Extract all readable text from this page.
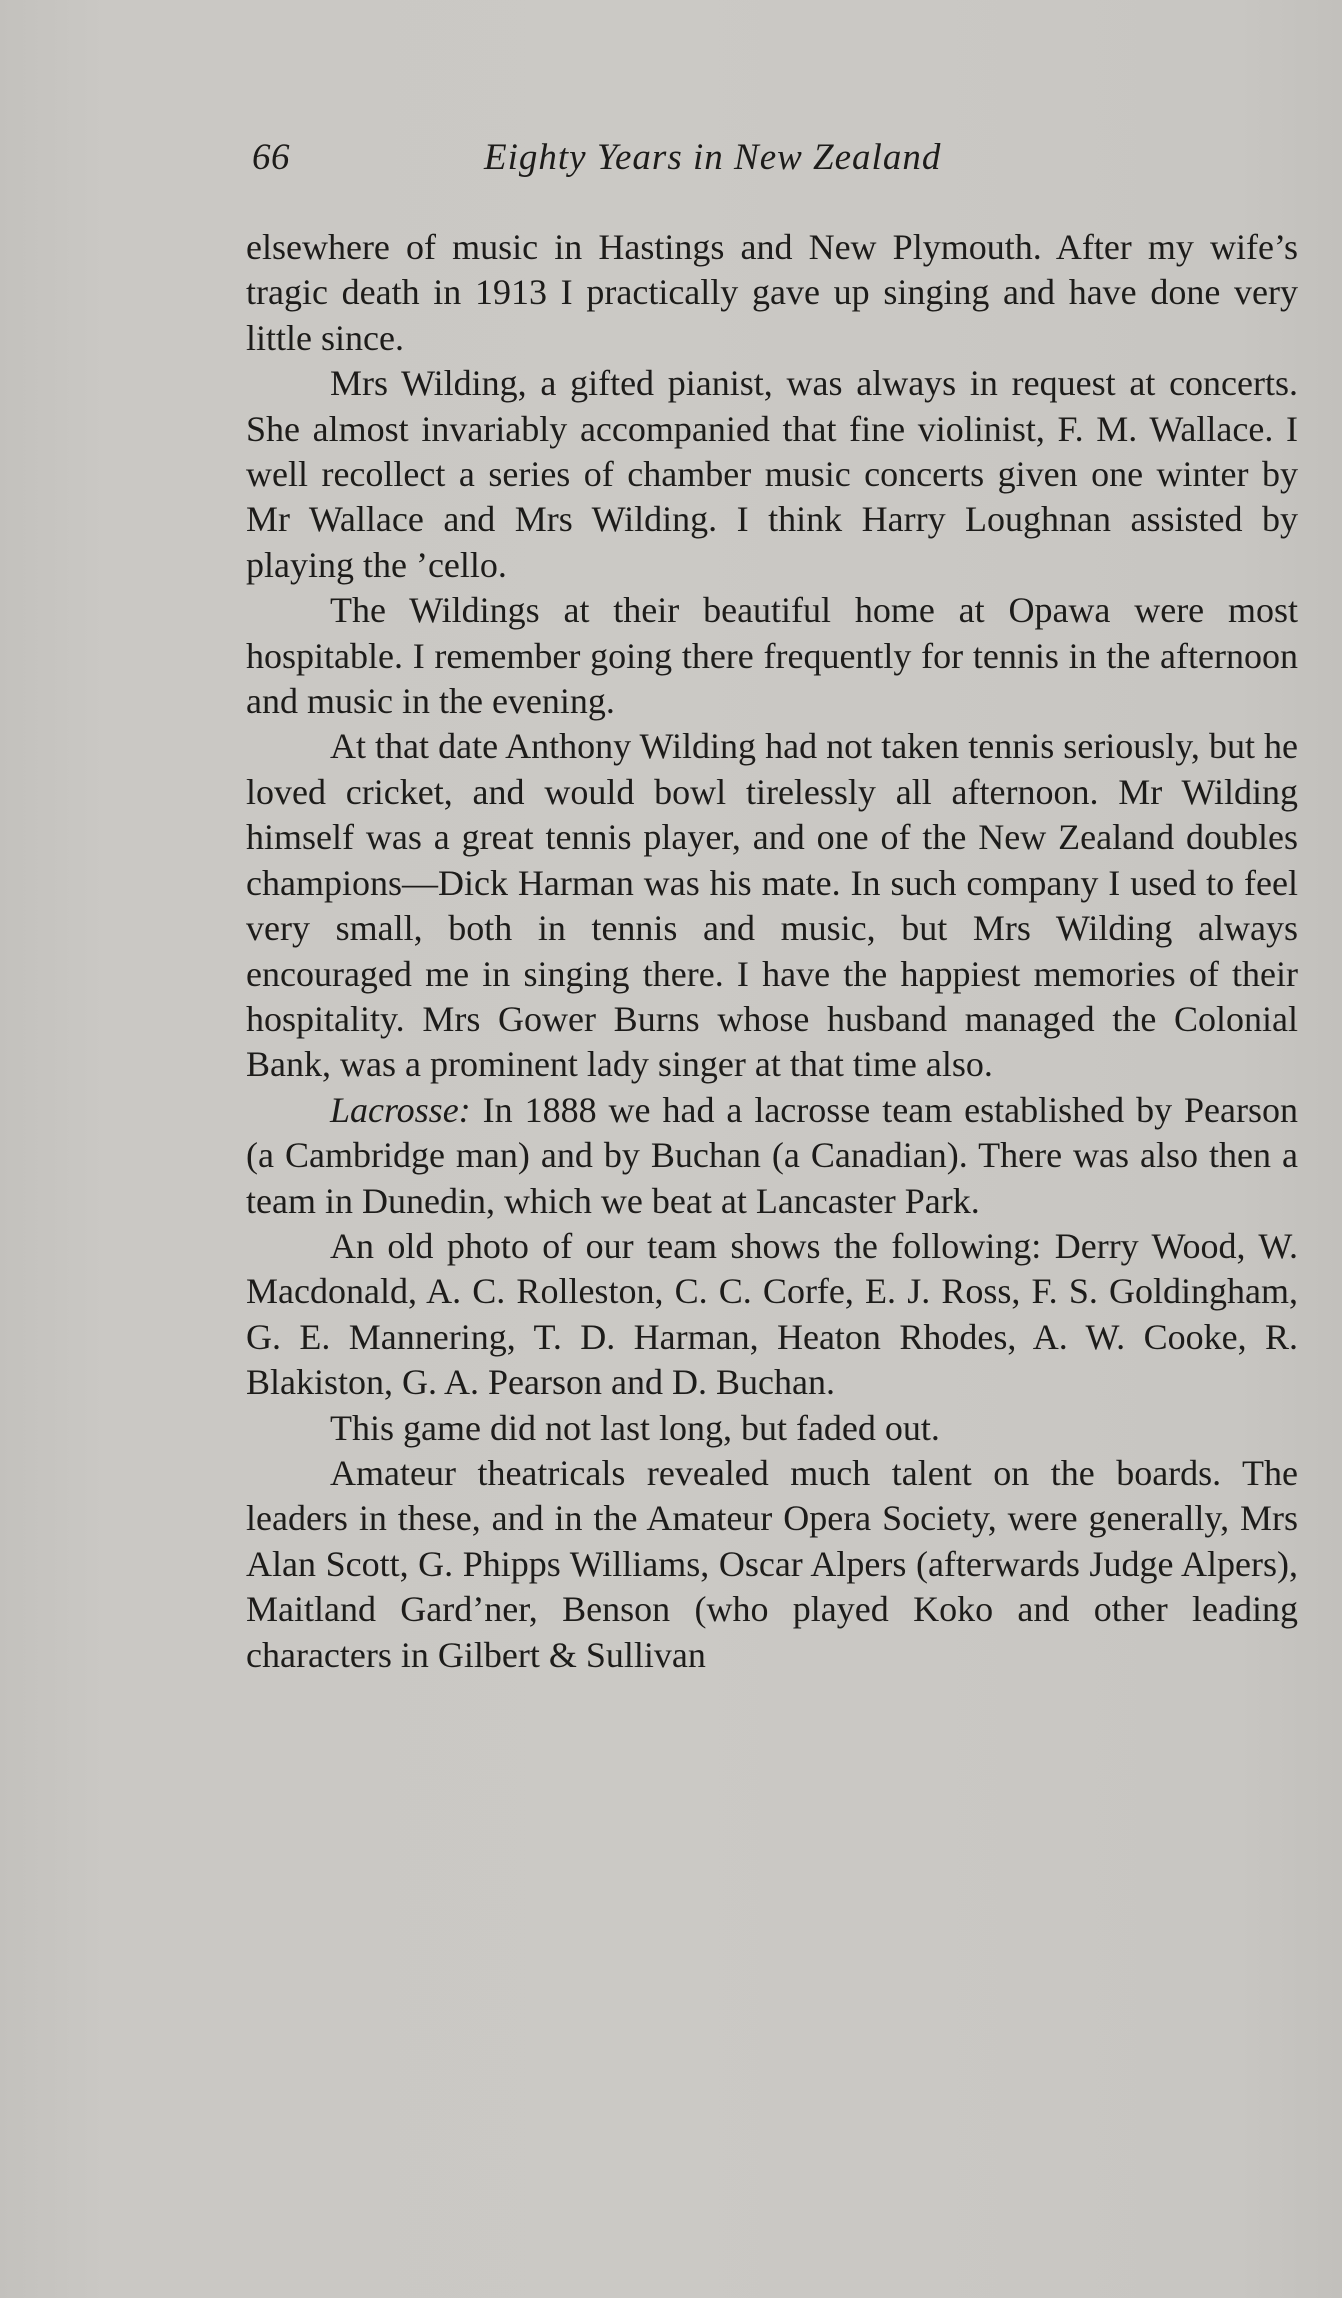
66	Eighty Years in New Zealand

elsewhere of music in Hastings and New Plymouth. After my wife’s tragic death in 1913 I practically gave up singing and have done very little since.

Mrs Wilding, a gifted pianist, was always in request at concerts. She almost invariably accompanied that fine violinist, F. M. Wallace. I well recollect a series of chamber music concerts given one winter by Mr Wallace and Mrs Wilding. I think Harry Loughnan assisted by playing the ’cello.

The Wildings at their beautiful home at Opawa were most hospitable. I remember going there frequently for tennis in the afternoon and music in the evening.

At that date Anthony Wilding had not taken tennis seriously, but he loved cricket, and would bowl tirelessly all afternoon. Mr Wilding himself was a great tennis player, and one of the New Zealand doubles champions—Dick Harman was his mate. In such company I used to feel very small, both in tennis and music, but Mrs Wilding always encouraged me in singing there. I have the happiest memories of their hospitality. Mrs Gower Burns whose husband managed the Colonial Bank, was a prominent lady singer at that time also.

Lacrosse: In 1888 we had a lacrosse team established by Pearson (a Cambridge man) and by Buchan (a Canadian). There was also then a team in Dunedin, which we beat at Lancaster Park.

An old photo of our team shows the following: Derry Wood, W. Macdonald, A. C. Rolleston, C. C. Corfe, E. J. Ross, F. S. Goldingham, G. E. Mannering, T. D. Harman, Heaton Rhodes, A. W. Cooke, R. Blakiston, G. A. Pearson and D. Buchan.

This game did not last long, but faded out.

Amateur theatricals revealed much talent on the boards. The leaders in these, and in the Amateur Opera Society, were generally, Mrs Alan Scott, G. Phipps Williams, Oscar Alpers (afterwards Judge Alpers), Maitland Gard’ner, Benson (who played Koko and other leading characters in Gilbert & Sullivan
